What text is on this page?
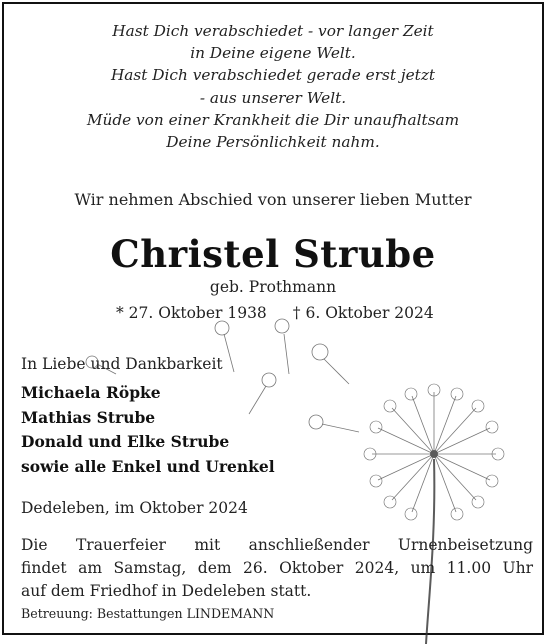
Hast Dich verabschiedet - vor langer Zeit
in Deine eigene Welt.
Hast Dich verabschiedet gerade erst jetzt
- aus unserer Welt.
Müde von einer Krankheit die Dir unaufhaltsam
Deine Persönlichkeit nahm.
Wir nehmen Abschied von unserer lieben Mutter
Christel Strube
geb. Prothmann
* 27. Oktober 1938 † 6. Oktober 2024
In Liebe und Dankbarkeit
Michaela Röpke
Mathias Strube
Donald und Elke Strube
sowie alle Enkel und Urenkel
Dedeleben, im Oktober 2024
Die Trauerfeier mit anschließender Urnenbeisetzung
findet am Samstag, dem 26. Oktober 2024, um 11.00 Uhr
auf dem Friedhof in Dedeleben statt.
Betreuung: Bestattungen LINDEMANN
